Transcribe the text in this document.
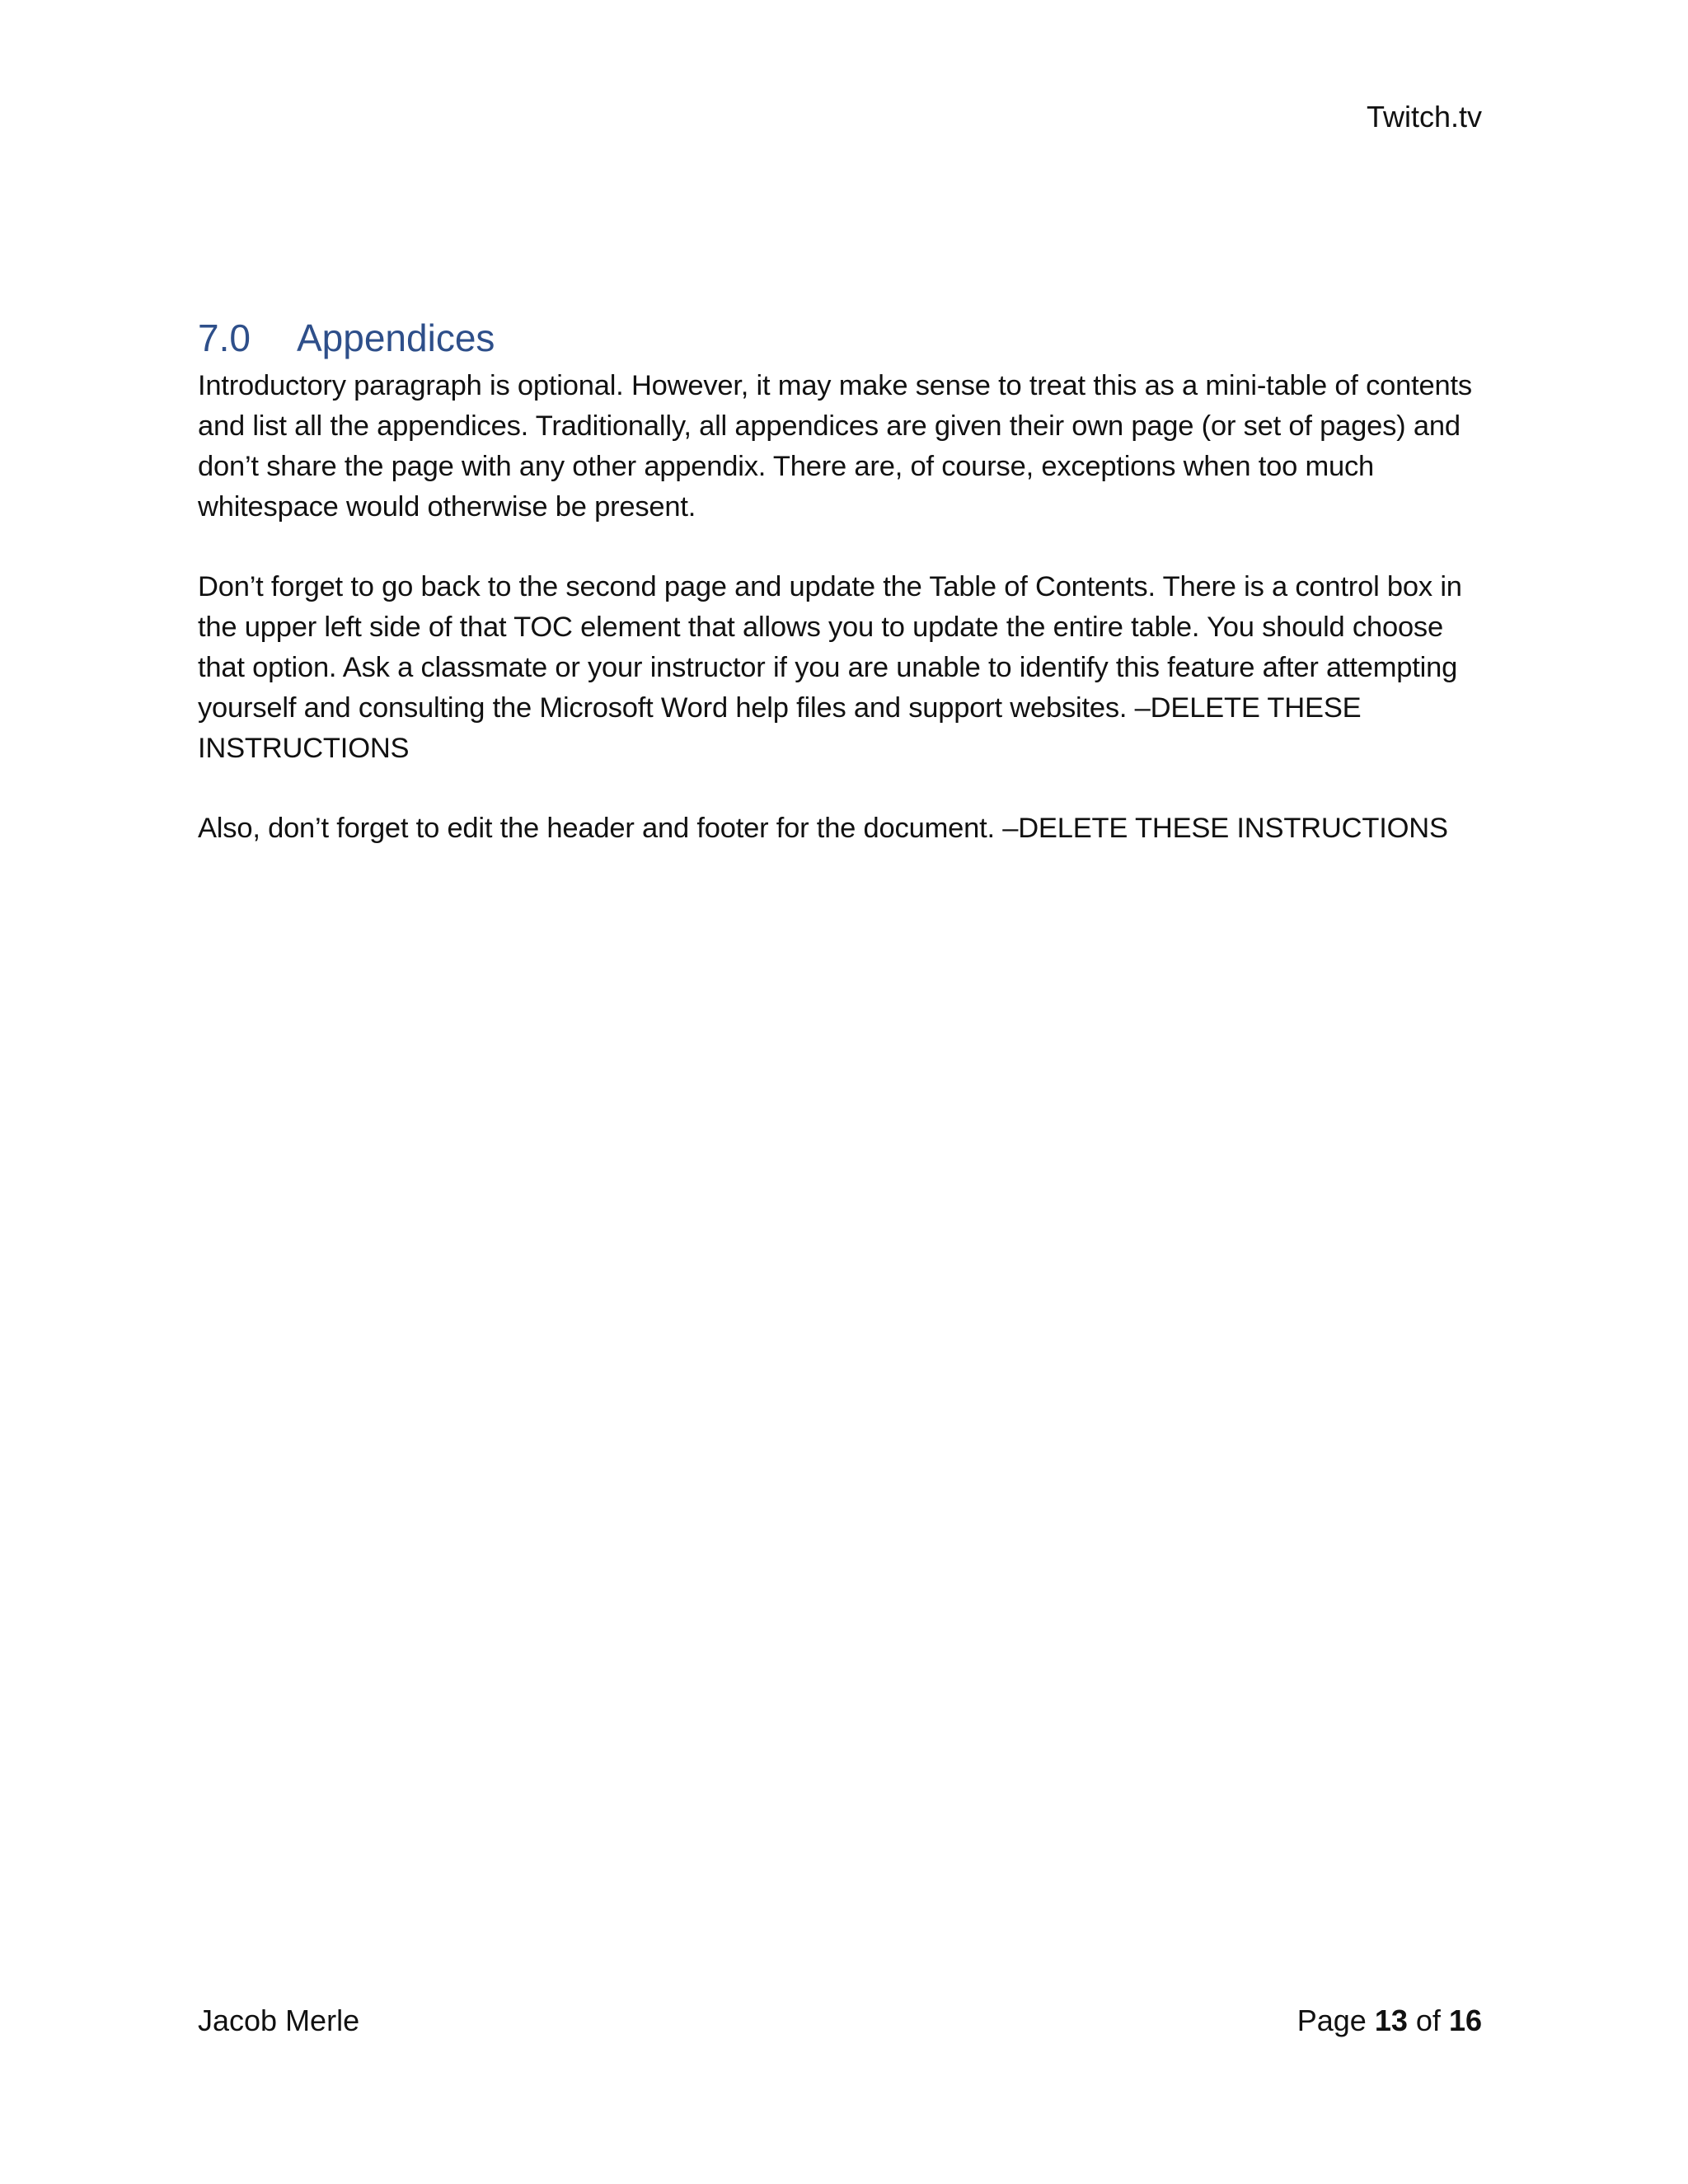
Twitch.tv
7.0	Appendices

Introductory paragraph is optional. However, it may make sense to treat this as a mini-table of contents and list all the appendices. Traditionally, all appendices are given their own page (or set of pages) and don’t share the page with any other appendix. There are, of course, exceptions when too much whitespace would otherwise be present.

Don’t forget to go back to the second page and update the Table of Contents. There is a control box in the upper left side of that TOC element that allows you to update the entire table. You should choose that option. Ask a classmate or your instructor if you are unable to identify this feature after attempting yourself and consulting the Microsoft Word help files and support websites. –DELETE THESE INSTRUCTIONS

Also, don’t forget to edit the header and footer for the document. –DELETE THESE INSTRUCTIONS

Jacob Merle	Page 13 of 16
